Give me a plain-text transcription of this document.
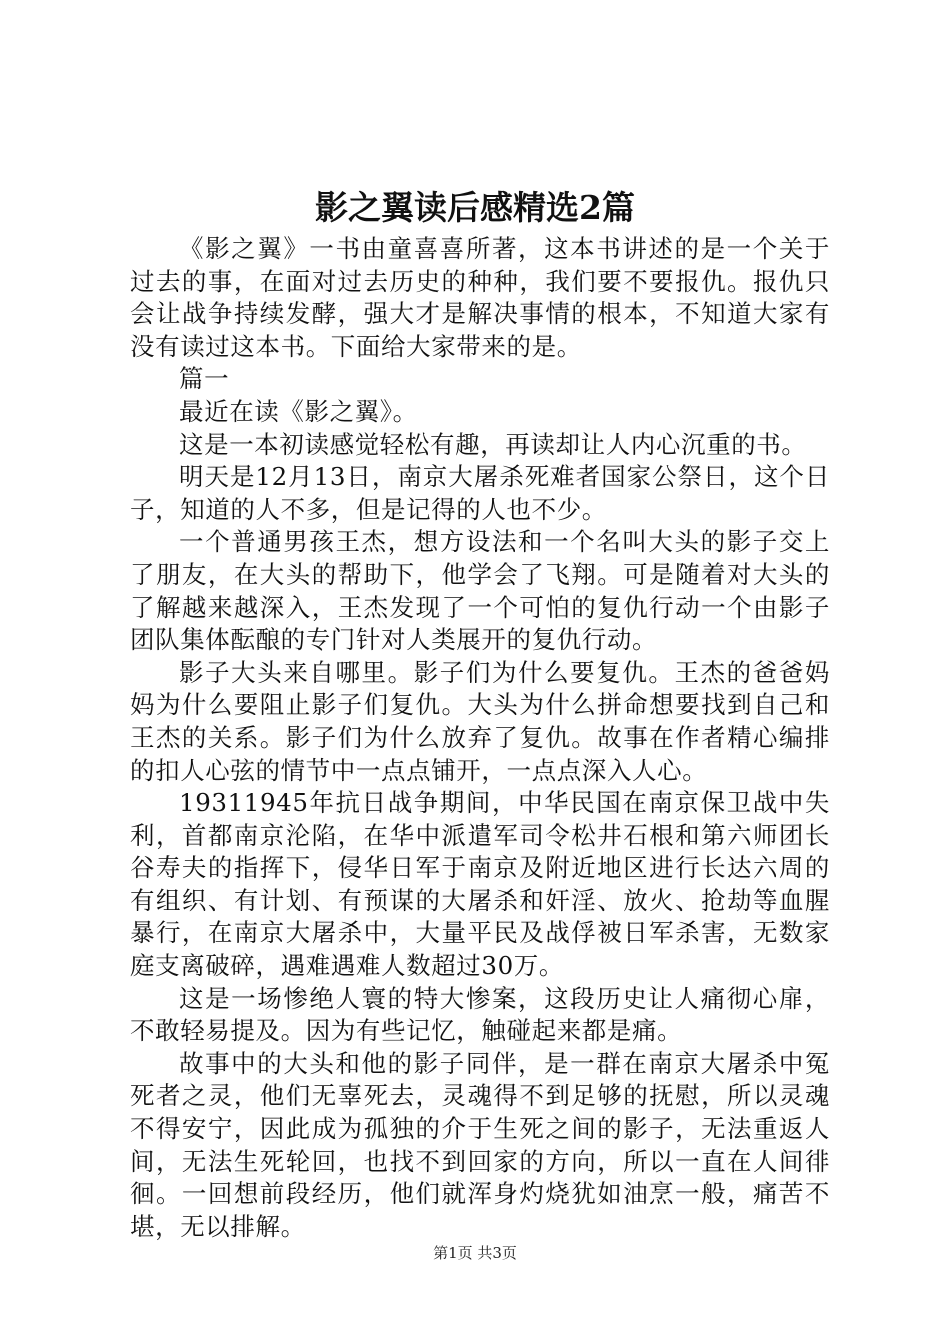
影之翼读后感精选2篇

《影之翼》一书由童喜喜所著，这本书讲述的是一个关于过去的事，在面对过去历史的种种，我们要不要报仇。报仇只会让战争持续发酵，强大才是解决事情的根本，不知道大家有没有读过这本书。下面给大家带来的是。

篇一

最近在读《影之翼》。

这是一本初读感觉轻松有趣，再读却让人内心沉重的书。

明天是12月13日，南京大屠杀死难者国家公祭日，这个日子，知道的人不多，但是记得的人也不少。

一个普通男孩王杰，想方设法和一个名叫大头的影子交上了朋友，在大头的帮助下，他学会了飞翔。可是随着对大头的了解越来越深入，王杰发现了一个可怕的复仇行动一个由影子团队集体酝酿的专门针对人类展开的复仇行动。

影子大头来自哪里。影子们为什么要复仇。王杰的爸爸妈妈为什么要阻止影子们复仇。大头为什么拼命想要找到自己和王杰的关系。影子们为什么放弃了复仇。故事在作者精心编排的扣人心弦的情节中一点点铺开，一点点深入人心。

19311945年抗日战争期间，中华民国在南京保卫战中失利，首都南京沦陷，在华中派遣军司令松井石根和第六师团长谷寿夫的指挥下，侵华日军于南京及附近地区进行长达六周的有组织、有计划、有预谋的大屠杀和奸淫、放火、抢劫等血腥暴行，在南京大屠杀中，大量平民及战俘被日军杀害，无数家庭支离破碎，遇难遇难人数超过30万。

这是一场惨绝人寰的特大惨案，这段历史让人痛彻心扉，不敢轻易提及。因为有些记忆，触碰起来都是痛。

故事中的大头和他的影子同伴，是一群在南京大屠杀中冤死者之灵，他们无辜死去，灵魂得不到足够的抚慰，所以灵魂不得安宁，因此成为孤独的介于生死之间的影子，无法重返人间，无法生死轮回，也找不到回家的方向，所以一直在人间徘徊。一回想前段经历，他们就浑身灼烧犹如油烹一般，痛苦不堪，无以排解。

第1页 共3页
